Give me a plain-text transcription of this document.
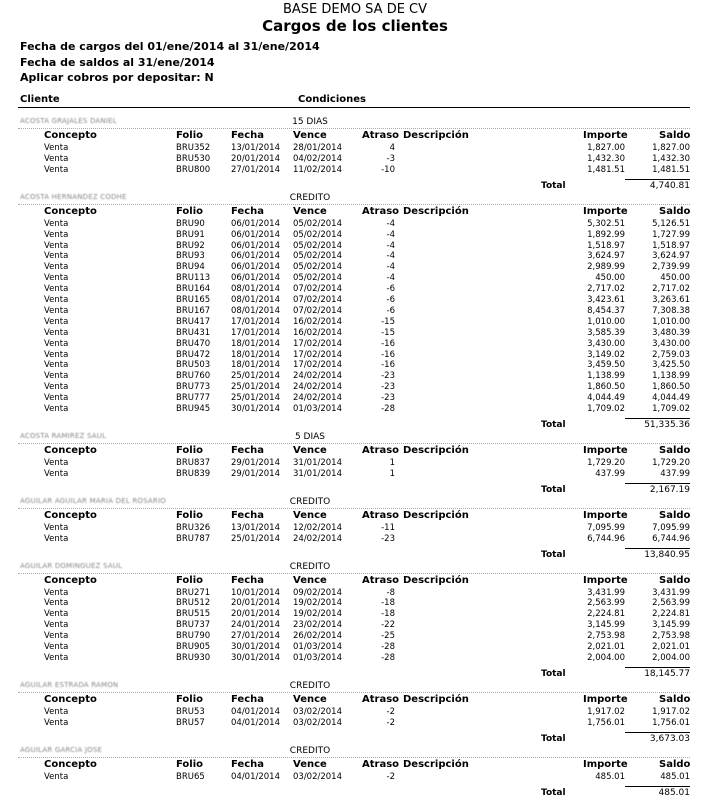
BASE DEMO SA DE CV
Cargos de los clientes
Fecha de cargos del 01/ene/2014 al 31/ene/2014
Fecha de saldos al 31/ene/2014
Aplicar cobros por depositar: N
Cliente	Condiciones
ACOSTA GRAJALES DANIEL	15 DIAS
Concepto	Folio	Fecha	Vence	Atraso Descripción	Importe	Saldo
Venta	BRU352 13/01/2014 28/01/2014	4	1,827.00	1,827.00
Venta	BRU530 20/01/2014 04/02/2014	-3	1,432.30	1,432.30
Venta	BRU800 27/01/2014 11/02/2014	-10	1,481.51	1,481.51
Total	4,740.81
ACOSTA HERNANDEZ CODHE	CREDITO
Concepto	Folio	Fecha	Vence	Atraso Descripción	Importe	Saldo
Venta	BRU90	06/01/2014 05/02/2014	-4	5,302.51	5,126.51
Venta	BRU91	06/01/2014 05/02/2014	-4	1,892.99	1,727.99
Venta	BRU92	06/01/2014 05/02/2014	-4	1,518.97	1,518.97
Venta	BRU93	06/01/2014 05/02/2014	-4	3,624.97	3,624.97
Venta	BRU94	06/01/2014 05/02/2014	-4	2,989.99	2,739.99
Venta	BRU113 06/01/2014 05/02/2014	-4	450.00	450.00
Venta	BRU164 08/01/2014 07/02/2014	-6	2,717.02	2,717.02
Venta	BRU165 08/01/2014 07/02/2014	-6	3,423.61	3,263.61
Venta	BRU167 08/01/2014 07/02/2014	-6	8,454.37	7,308.38
Venta	BRU417 17/01/2014 16/02/2014	-15	1,010.00	1,010.00
Venta	BRU431 17/01/2014 16/02/2014	-15	3,585.39	3,480.39
Venta	BRU470 18/01/2014 17/02/2014	-16	3,430.00	3,430.00
Venta	BRU472 18/01/2014 17/02/2014	-16	3,149.02	2,759.03
Venta	BRU503 18/01/2014 17/02/2014	-16	3,459.50	3,425.50
Venta	BRU760 25/01/2014 24/02/2014	-23	1,138.99	1,138.99
Venta	BRU773 25/01/2014 24/02/2014	-23	1,860.50	1,860.50
Venta	BRU777 25/01/2014 24/02/2014	-23	4,044.49	4,044.49
Venta	BRU945 30/01/2014 01/03/2014	-28	1,709.02	1,709.02
Total	51,335.36
ACOSTA RAMIREZ SAUL	5 DIAS
Concepto	Folio	Fecha	Vence	Atraso Descripción	Importe	Saldo
Venta	BRU837 29/01/2014 31/01/2014	1	1,729.20	1,729.20
Venta	BRU839 29/01/2014 31/01/2014	1	437.99	437.99
Total	2,167.19
AGUILAR AGUILAR MARIA DEL ROSARIO	CREDITO
Concepto	Folio	Fecha	Vence	Atraso Descripción	Importe	Saldo
Venta	BRU326 13/01/2014 12/02/2014	-11	7,095.99	7,095.99
Venta	BRU787 25/01/2014 24/02/2014	-23	6,744.96	6,744.96
Total	13,840.95
AGUILAR DOMINGUEZ SAUL	CREDITO
Concepto	Folio	Fecha	Vence	Atraso Descripción	Importe	Saldo
Venta	BRU271 10/01/2014 09/02/2014	-8	3,431.99	3,431.99
Venta	BRU512 20/01/2014 19/02/2014	-18	2,563.99	2,563.99
Venta	BRU515 20/01/2014 19/02/2014	-18	2,224.81	2,224.81
Venta	BRU737 24/01/2014 23/02/2014	-22	3,145.99	3,145.99
Venta	BRU790 27/01/2014 26/02/2014	-25	2,753.98	2,753.98
Venta	BRU905 30/01/2014 01/03/2014	-28	2,021.01	2,021.01
Venta	BRU930 30/01/2014 01/03/2014	-28	2,004.00	2,004.00
Total	18,145.77
AGUILAR ESTRADA RAMON	CREDITO
Concepto	Folio	Fecha	Vence	Atraso Descripción	Importe	Saldo
Venta	BRU53	04/01/2014 03/02/2014	-2	1,917.02	1,917.02
Venta	BRU57	04/01/2014 03/02/2014	-2	1,756.01	1,756.01
Total	3,673.03
AGUILAR GARCIA JOSE	CREDITO
Concepto	Folio	Fecha	Vence	Atraso Descripción	Importe	Saldo
Venta	BRU65	04/01/2014 03/02/2014	-2	485.01	485.01
Total	485.01
